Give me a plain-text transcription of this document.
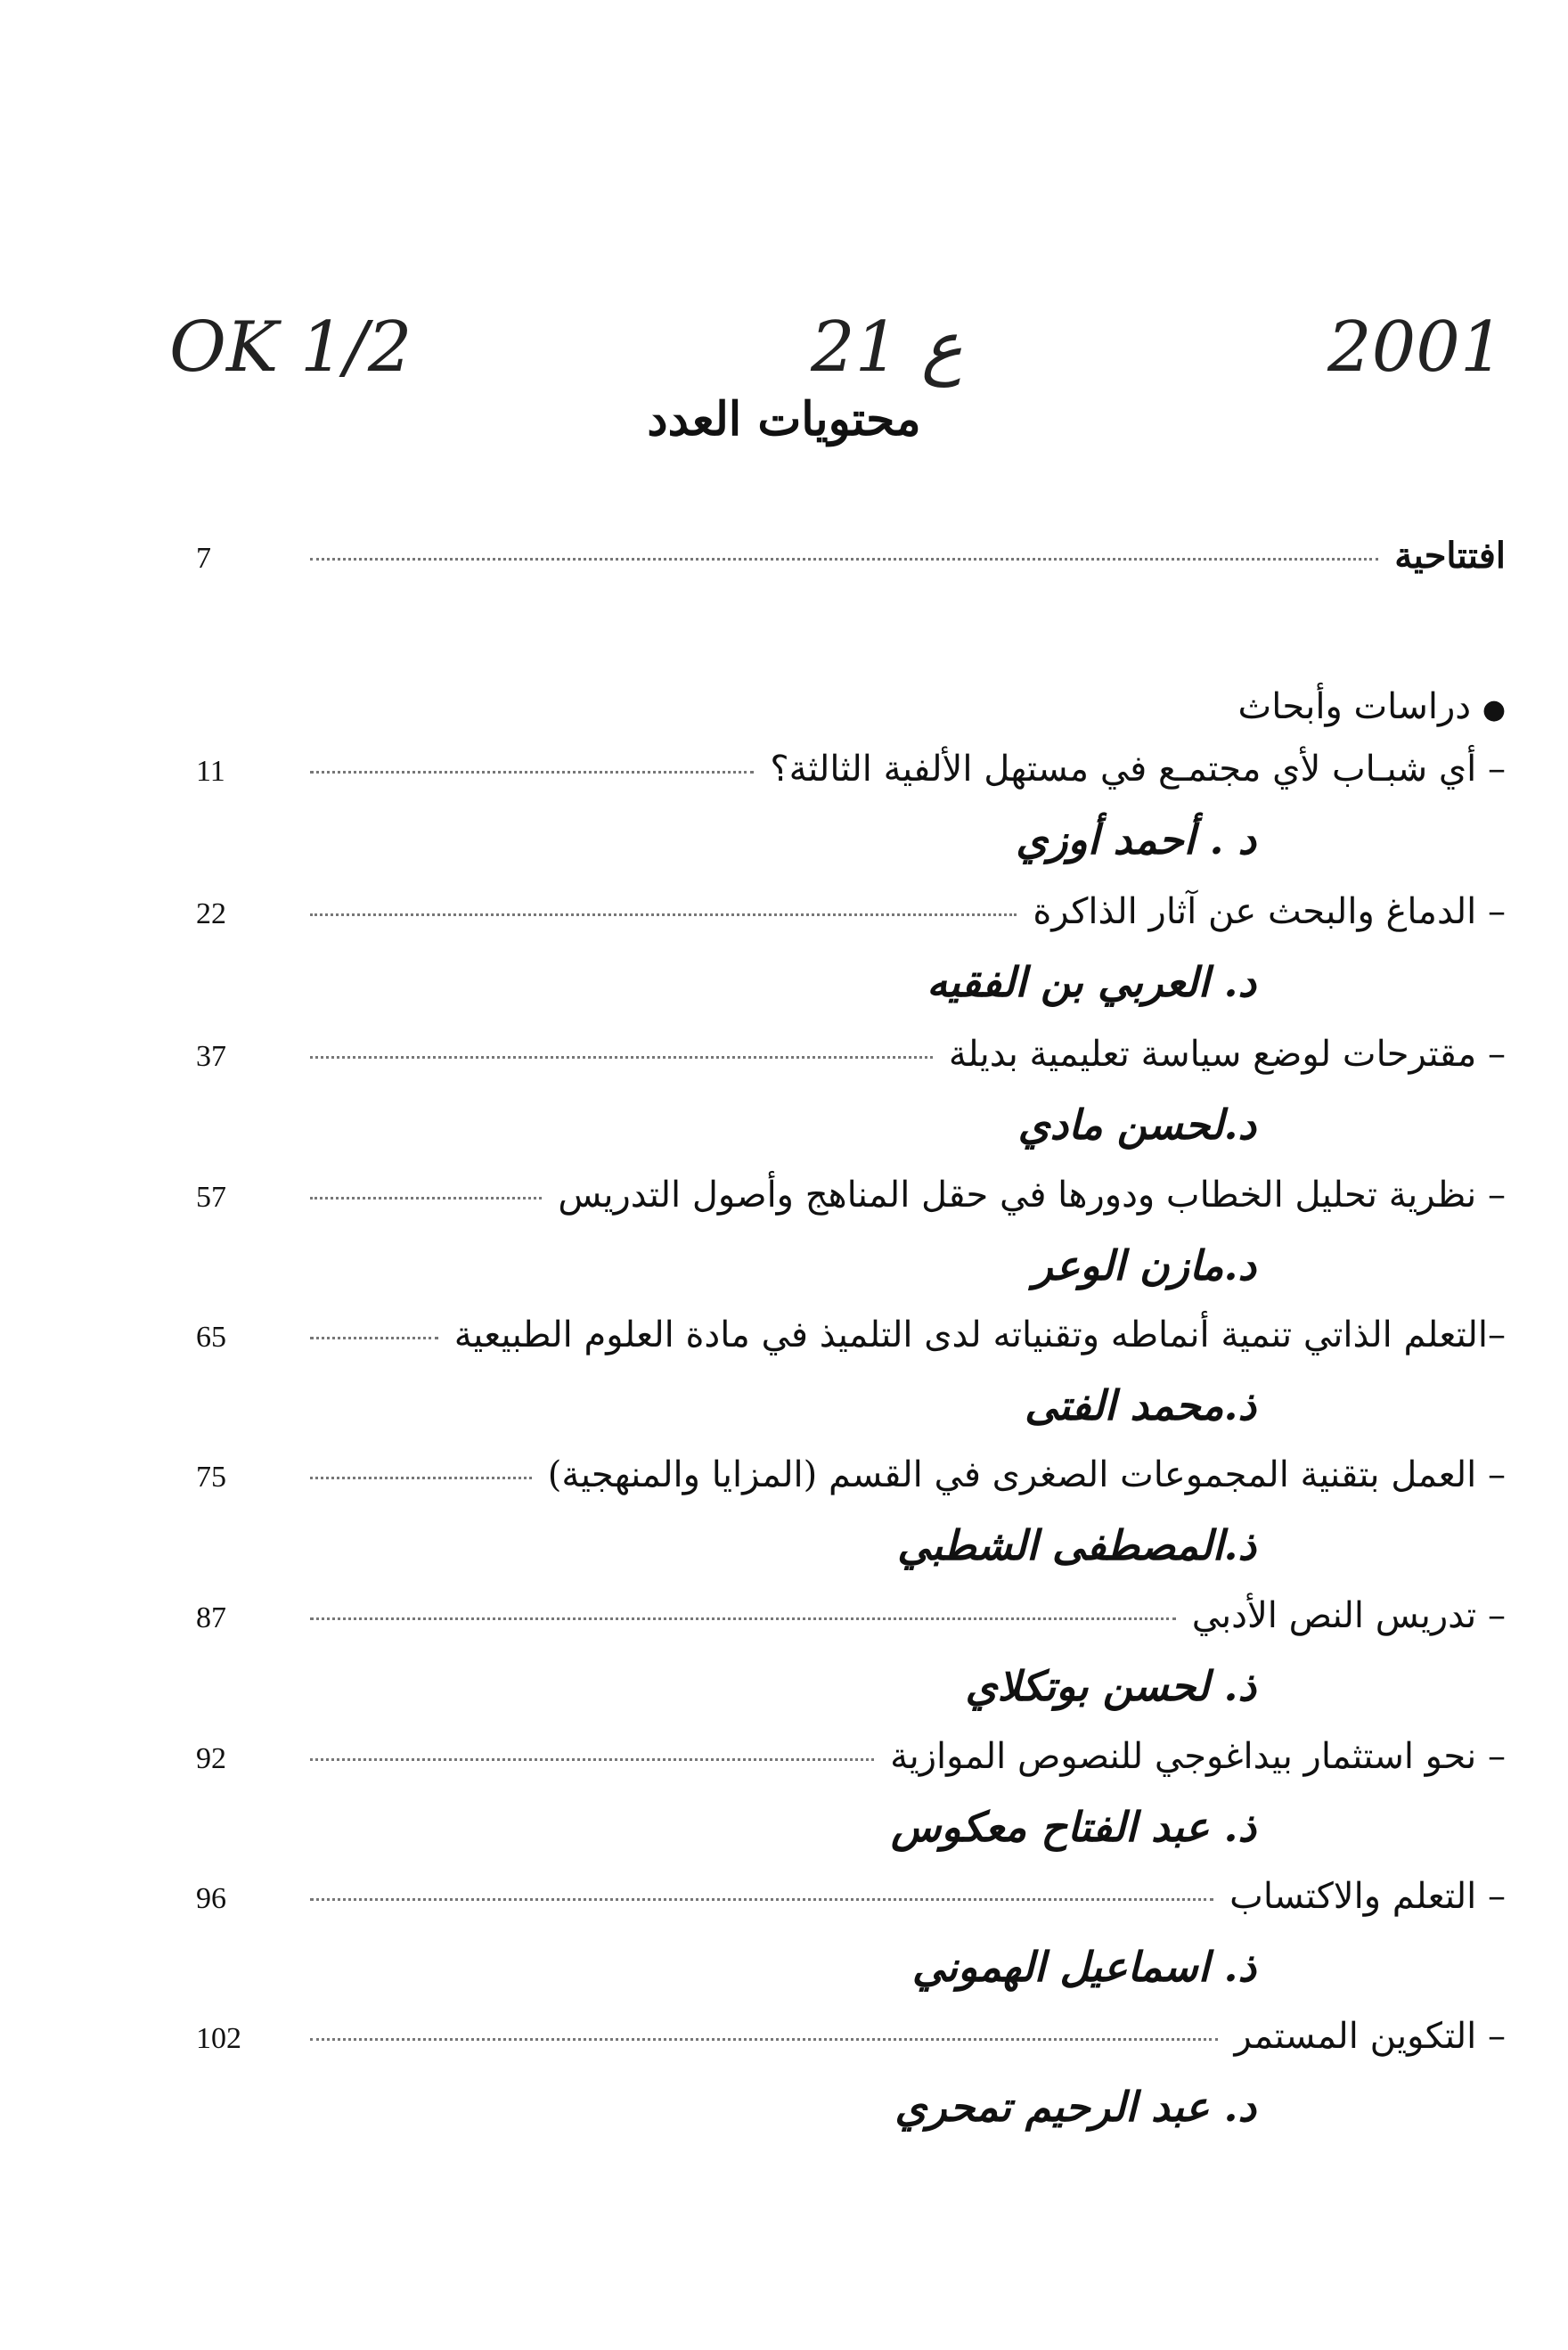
OK 1/2	21 ع	2001
محتويات العدد
افتتاحية
7
● دراسات وأبحاث
– أي شبـاب لأي مجتمـع في مستهل الألفية الثالثة؟
11
د . أحمد أوزي
– الدماغ والبحث عن آثار الذاكرة
22
د. العربي بن الفقيه
– مقترحات لوضع سياسة تعليمية بديلة
37
د.لحسن مادي
– نظرية تحليل الخطاب ودورها في حقل المناهج وأصول التدريس
57
د.مازن الوعر
–التعلم الذاتي تنمية أنماطه وتقنياته لدى التلميذ في مادة العلوم الطبيعية
65
ذ.محمد الفتى
– العمل بتقنية المجموعات الصغرى في القسم (المزايا والمنهجية)
75
ذ.المصطفى الشطبي
– تدريس النص الأدبي
87
ذ. لحسن بوتكلاي
– نحو استثمار بيداغوجي للنصوص الموازية
92
ذ. عبد الفتاح معكوس
– التعلم والاكتساب
96
ذ. اسماعيل الهموني
– التكوين المستمر
102
د. عبد الرحيم تمحري
